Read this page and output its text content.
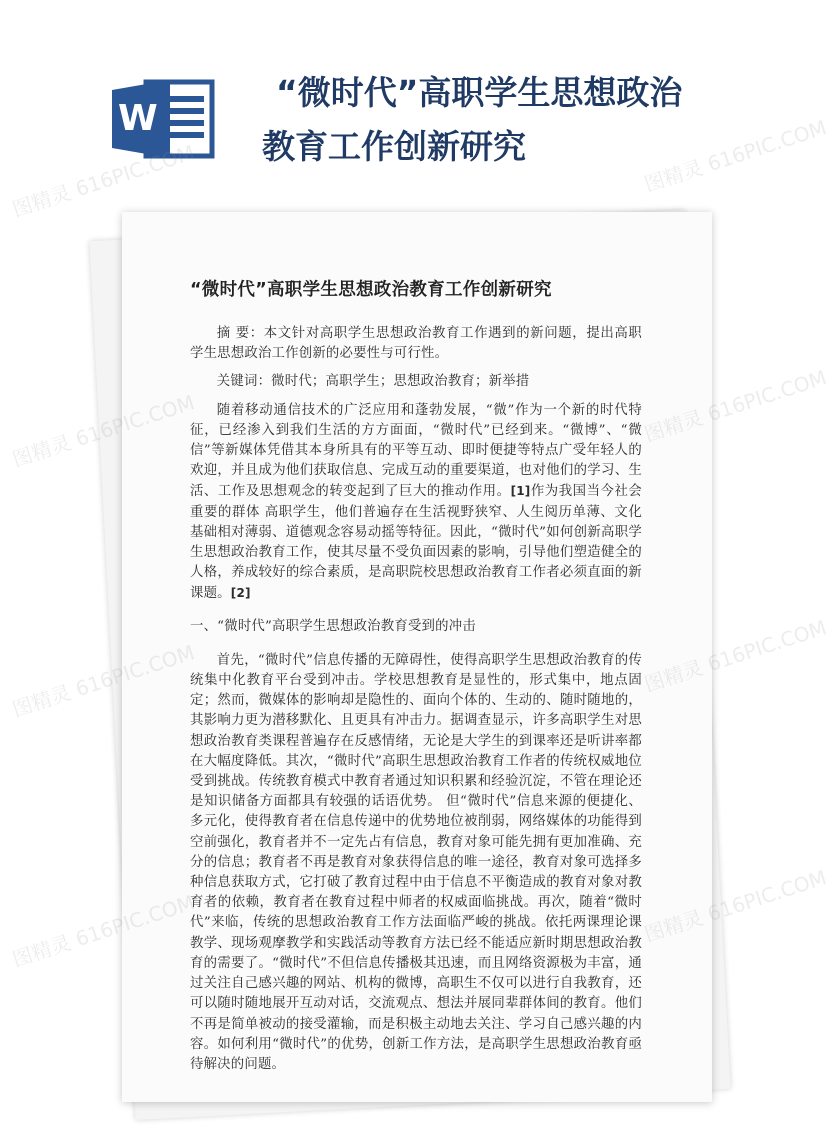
W
“微时代”高职学生思想政治
教育工作创新研究	图精灵 616PIC.COM
图精灵 616PIC.COM
图精灵 616PIC.COM
图精灵
图精灵 616PIC.COM
图精灵 616PIC.COM
图精灵 616PIC.COM
图精灵 616PIC.COM
“微时代”高职学生思想政治教育工作创新研究

摘 要：本文针对高职学生思想政治教育工作遇到的新问题，提出高职学生思想政治工作创新的必要性与可行性。

关键词：微时代；高职学生；思想政治教育；新举措

随着移动通信技术的广泛应用和蓬勃发展，“微”作为一个新的时代特征，已经渗入到我们生活的方方面面，“微时代”已经到来。“微博”、“微信”等新媒体凭借其本身所具有的平等互动、即时便捷等特点广受年轻人的欢迎，并且成为他们获取信息、完成互动的重要渠道，也对他们的学习、生活、工作及思想观念的转变起到了巨大的推动作用。[1]作为我国当今社会重要的群体 高职学生，他们普遍存在生活视野狭窄、人生阅历单薄、文化基础相对薄弱、道德观念容易动摇等特征。因此，“微时代”如何创新高职学生思想政治教育工作，使其尽量不受负面因素的影响，引导他们塑造健全的人格，养成较好的综合素质，是高职院校思想政治教育工作者必须直面的新课题。[2]

一、“微时代”高职学生思想政治教育受到的冲击

首先，“微时代”信息传播的无障碍性，使得高职学生思想政治教育的传统集中化教育平台受到冲击。学校思想教育是显性的，形式集中，地点固定；然而，微媒体的影响却是隐性的、面向个体的、生动的、随时随地的，其影响力更为潜移默化、且更具有冲击力。据调查显示，许多高职学生对思想政治教育类课程普遍存在反感情绪，无论是大学生的到课率还是听讲率都在大幅度降低。其次，“微时代”高职生思想政治教育工作者的传统权威地位受到挑战。传统教育模式中教育者通过知识积累和经验沉淀，不管在理论还是知识储备方面都具有较强的话语优势。 但“微时代”信息来源的便捷化、多元化，使得教育者在信息传递中的优势地位被削弱，网络媒体的功能得到空前强化，教育者并不一定先占有信息，教育对象可能先拥有更加准确、充分的信息；教育者不再是教育对象获得信息的唯一途径，教育对象可选择多种信息获取方式，它打破了教育过程中由于信息不平衡造成的教育对象对教育者的依赖，教育者在教育过程中师者的权威面临挑战。再次，随着“微时代”来临，传统的思想政治教育工作方法面临严峻的挑战。依托两课理论课教学、现场观摩教学和实践活动等教育方法已经不能适应新时期思想政治教育的需要了。“微时代”不但信息传播极其迅速，而且网络资源极为丰富，通过关注自己感兴趣的网站、机构的微博，高职生不仅可以进行自我教育，还可以随时随地展开互动对话，交流观点、想法并展同辈群体间的教育。他们不再是简单被动的接受灌输，而是积极主动地去关注、学习自己感兴趣的内容。如何利用“微时代”的优势，创新工作方法，是高职学生思想政治教育亟待解决的问题。
